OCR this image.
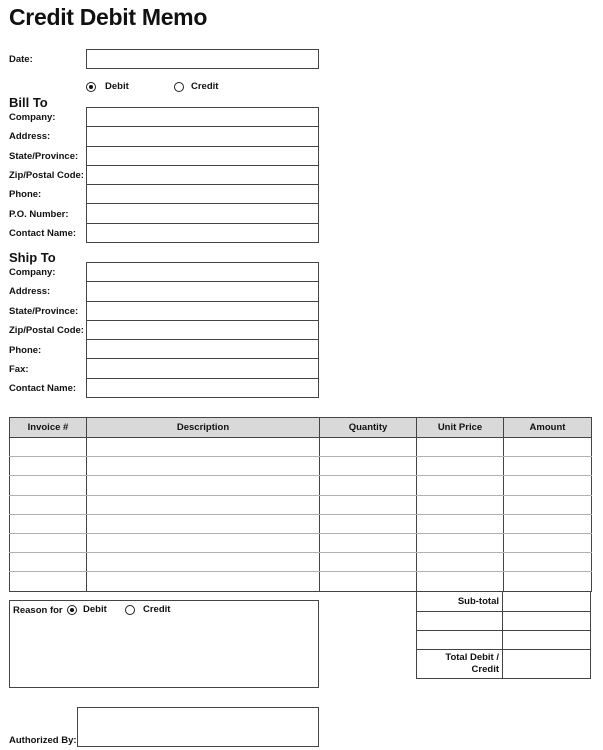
Credit Debit Memo
Date:
Debit	Credit
Bill To
Company:
Address:
State/Province:
Zip/Postal Code:
Phone:
P.O. Number:
Contact Name:
Ship To
Company:
Address:
State/Province:
Zip/Postal Code:
Phone:
Fax:
Contact Name:
Invoice #	Description	Quantity	Unit Price	Amount

Reason for Debit	Credit
Sub-total
Total Debit /
Credit
Authorized By:
